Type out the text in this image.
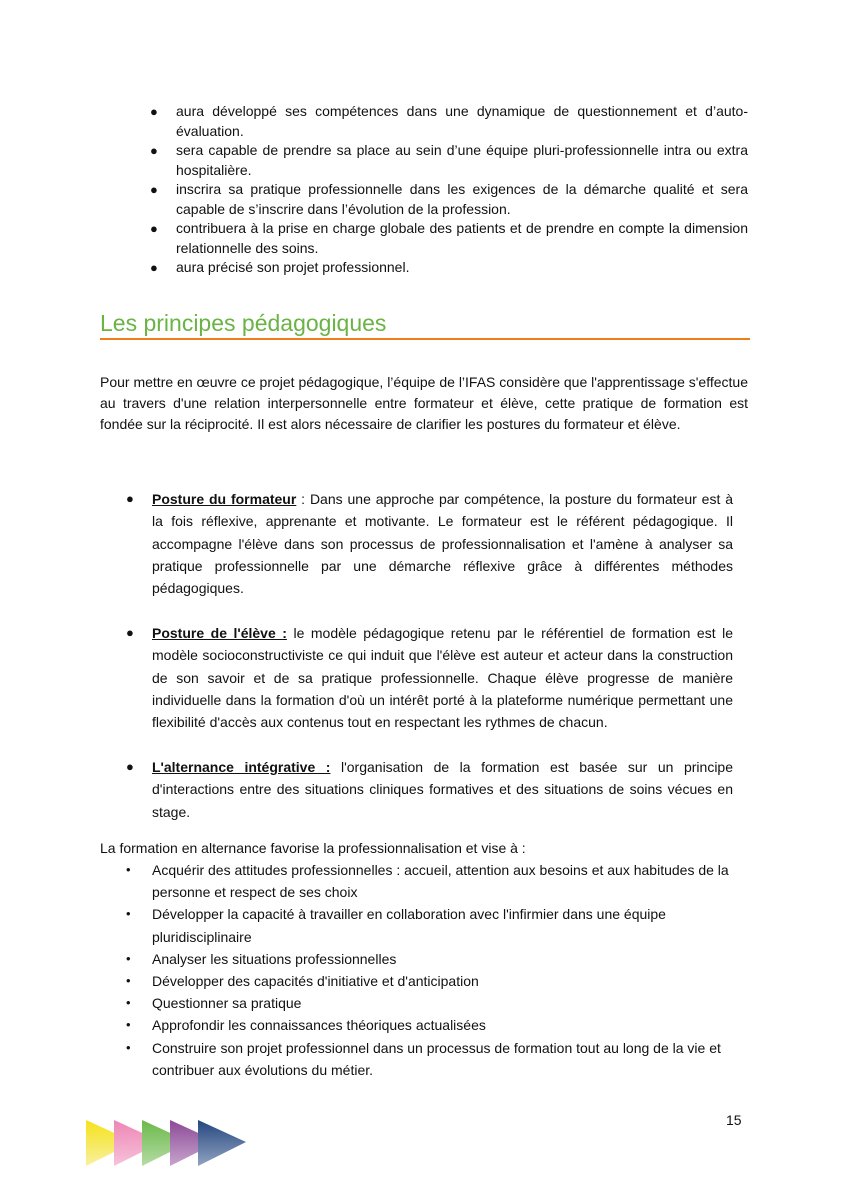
● aura développé ses compétences dans une dynamique de questionnement et d’auto-évaluation.
● sera capable de prendre sa place au sein d’une équipe pluri-professionnelle intra ou extra hospitalière.
● inscrira sa pratique professionnelle dans les exigences de la démarche qualité et sera capable de s’inscrire dans l’évolution de la profession.
● contribuera à la prise en charge globale des patients et de prendre en compte la dimension relationnelle des soins.
● aura précisé son projet professionnel.
Les principes pédagogiques

Pour mettre en œuvre ce projet pédagogique, l’équipe de l’IFAS considère que l'apprentissage s'effectue au travers d'une relation interpersonnelle entre formateur et élève, cette pratique de formation est fondée sur la réciprocité. Il est alors nécessaire de clarifier les postures du formateur et élève.

● Posture du formateur : Dans une approche par compétence, la posture du formateur est à la fois réflexive, apprenante et motivante. Le formateur est le référent pédagogique. Il accompagne l'élève dans son processus de professionnalisation et l'amène à analyser sa pratique professionnelle par une démarche réflexive grâce à différentes méthodes pédagogiques.
● Posture de l'élève : le modèle pédagogique retenu par le référentiel de formation est le modèle socioconstructiviste ce qui induit que l'élève est auteur et acteur dans la construction de son savoir et de sa pratique professionnelle. Chaque élève progresse de manière individuelle dans la formation d'où un intérêt porté à la plateforme numérique permettant une flexibilité d'accès aux contenus tout en respectant les rythmes de chacun.
● L'alternance intégrative : l'organisation de la formation est basée sur un principe d'interactions entre des situations cliniques formatives et des situations de soins vécues en stage.

La formation en alternance favorise la professionnalisation et vise à :

• Acquérir des attitudes professionnelles : accueil, attention aux besoins et aux habitudes de la personne et respect de ses choix
• Développer la capacité à travailler en collaboration avec l'infirmier dans une équipe pluridisciplinaire
• Analyser les situations professionnelles
• Développer des capacités d'initiative et d'anticipation
• Questionner sa pratique
• Approfondir les connaissances théoriques actualisées
• Construire son projet professionnel dans un processus de formation tout au long de la vie et contribuer aux évolutions du métier.
15
